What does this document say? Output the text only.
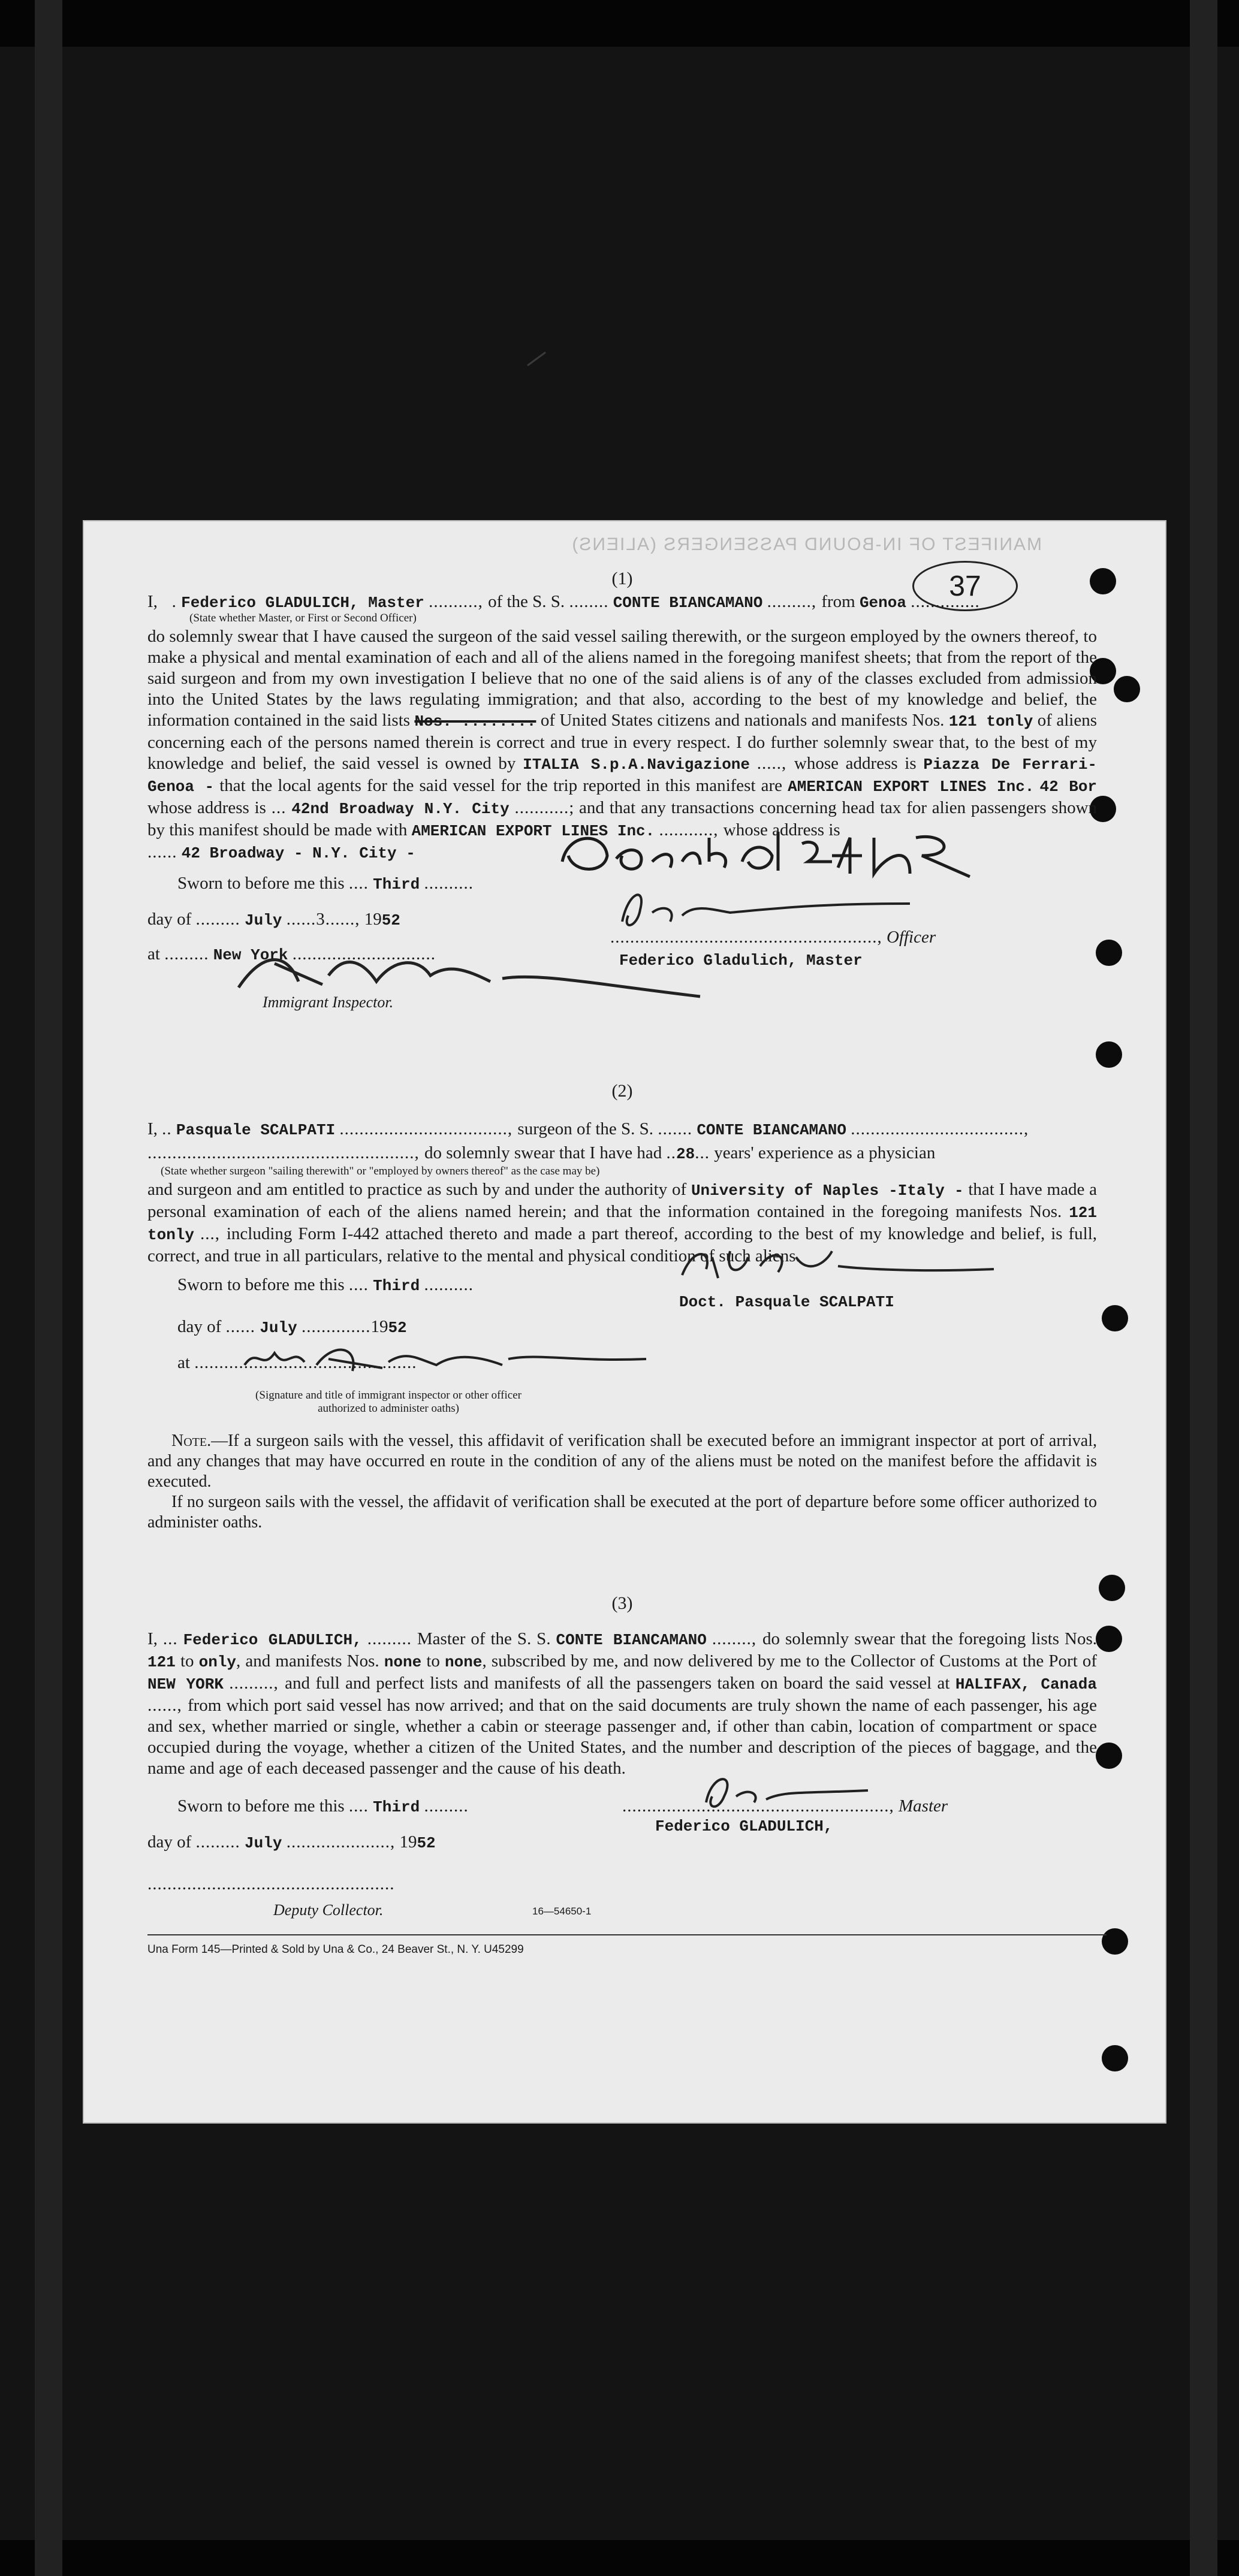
MANIFEST OF IN-BOUND PASSENGERS (ALIENS)
37
(1)
I,   . Federico GLADULICH, Master .........., of the S. S. ........ CONTE BIANCAMANO ........., from Genoa ..............
(State whether Master, or First or Second Officer)
do solemnly swear that I have caused the surgeon of the said vessel sailing therewith, or the surgeon employed by the owners thereof, to make a physical and mental examination of each and all of the aliens named in the foregoing manifest sheets; that from the report of the said surgeon and from my own investigation I believe that no one of the said aliens is of any of the classes excluded from admission into the United States by the laws regulating immigration; and that also, according to the best of my knowledge and belief, the information contained in the said lists Nos. ........ of United States citizens and nationals and manifests Nos. 121 tonly of aliens concerning each of the persons named therein is correct and true in every respect. I do further solemnly swear that, to the best of my knowledge and belief, the said vessel is owned by ITALIA S.p.A.Navigazione ....., whose address is Piazza De Ferrari-Genoa - that the local agents for the said vessel for the trip reported in this manifest are AMERICAN EXPORT LINES Inc. 42 Bor whose address is ... 42nd Broadway N.Y. City ...........; and that any transactions concerning head tax for alien passengers shown by this manifest should be made with AMERICAN EXPORT LINES Inc. ..........., whose address is
...... 42 Broadway - N.Y. City -
Sworn to before me this .... Third ..........
day of ......... July ......3......, 1952
at ......... New York .............................
Immigrant Inspector.
......................................................, Officer
Federico Gladulich, Master
(2)
I, .. Pasquale SCALPATI .................................., surgeon of the S. S. ....... CONTE BIANCAMANO ...................................,
......................................................, do solemnly swear that I have had ..28... years' experience as a physician
(State whether surgeon "sailing therewith" or "employed by owners thereof" as the case may be)
and surgeon and am entitled to practice as such by and under the authority of University of Naples -Italy - that I have made a personal examination of each of the aliens named herein; and that the information contained in the foregoing manifests Nos. 121 tonly ..., including Form I-442 attached thereto and made a part thereof, according to the best of my knowledge and belief, is full, correct, and true in all particulars, relative to the mental and physical condition of such aliens.
Sworn to before me this .... Third ..........
day of ...... July ..............1952
at .............................................
(Signature and title of immigrant inspector or other officer authorized to administer oaths)
Doct. Pasquale SCALPATI
Note.—If a surgeon sails with the vessel, this affidavit of verification shall be executed before an immigrant inspector at port of arrival, and any changes that may have occurred en route in the condition of any of the aliens must be noted on the manifest before the affidavit is executed.
If no surgeon sails with the vessel, the affidavit of verification shall be executed at the port of departure before some officer authorized to administer oaths.
(3)
I, ... Federico GLADULICH, ......... Master of the S. S. CONTE BIANCAMANO ........, do solemnly swear that the foregoing lists Nos. 121 to only, and manifests Nos. none to none, subscribed by me, and now delivered by me to the Collector of Customs at the Port of NEW YORK ........., and full and perfect lists and manifests of all the passengers taken on board the said vessel at HALIFAX, Canada ......, from which port said vessel has now arrived; and that on the said documents are truly shown the name of each passenger, his age and sex, whether married or single, whether a cabin or steerage passenger and, if other than cabin, location of compartment or space occupied during the voyage, whether a citizen of the United States, and the number and description of the pieces of baggage, and the name and age of each deceased passenger and the cause of his death.
Sworn to before me this .... Third .........
day of ......... July ....................., 1952
..................................................
Deputy Collector.
......................................................, Master
Federico GLADULICH,
16—54650-1
Una Form 145—Printed & Sold by Una & Co., 24 Beaver St., N. Y. U45299
